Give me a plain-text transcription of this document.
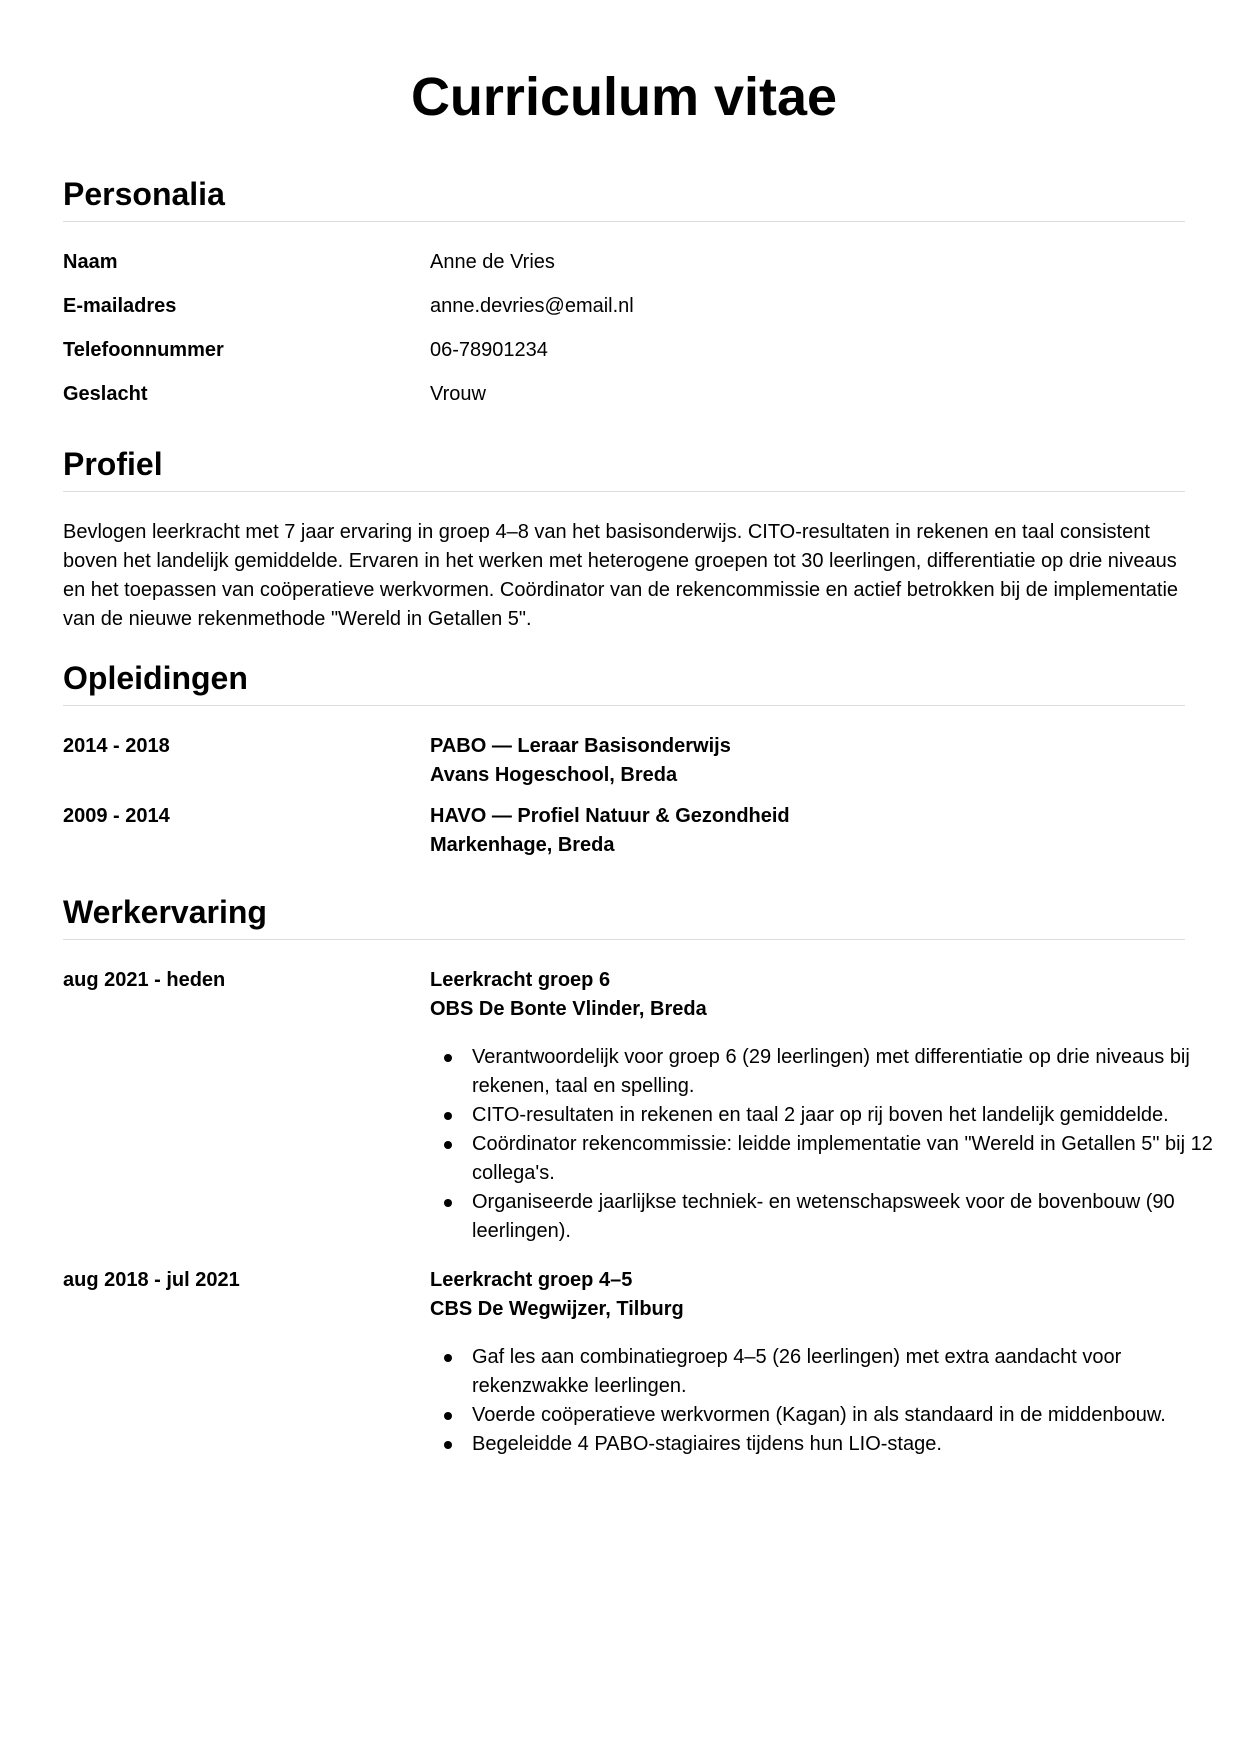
Curriculum vitae
Personalia
Naam	Anne de Vries
E-mailadres	anne.devries@email.nl
Telefoonnummer	06-78901234
Geslacht	Vrouw
Profiel

Bevlogen leerkracht met 7 jaar ervaring in groep 4–8 van het basisonderwijs. CITO-resultaten in rekenen en taal consistent boven het landelijk gemiddelde. Ervaren in het werken met heterogene groepen tot 30 leerlingen, differentiatie op drie niveaus en het toepassen van coöperatieve werkvormen. Coördinator van de rekencommissie en actief betrokken bij de implementatie van de nieuwe rekenmethode "Wereld in Getallen 5".

Opleidingen
2014 - 2018	PABO — Leraar Basisonderwijs
Avans Hogeschool, Breda
2009 - 2014	HAVO — Profiel Natuur & Gezondheid
Markenhage, Breda
Werkervaring
aug 2021 - heden	Leerkracht groep 6
OBS De Bonte Vlinder, Breda
Verantwoordelijk voor groep 6 (29 leerlingen) met differentiatie op drie niveaus bij rekenen, taal en spelling.
CITO-resultaten in rekenen en taal 2 jaar op rij boven het landelijk gemiddelde.
Coördinator rekencommissie: leidde implementatie van "Wereld in Getallen 5" bij 12 collega's.
Organiseerde jaarlijkse techniek- en wetenschapsweek voor de bovenbouw (90 leerlingen).
aug 2018 - jul 2021	Leerkracht groep 4–5
CBS De Wegwijzer, Tilburg
Gaf les aan combinatiegroep 4–5 (26 leerlingen) met extra aandacht voor rekenzwakke leerlingen.
Voerde coöperatieve werkvormen (Kagan) in als standaard in de middenbouw.
Begeleidde 4 PABO-stagiaires tijdens hun LIO-stage.
